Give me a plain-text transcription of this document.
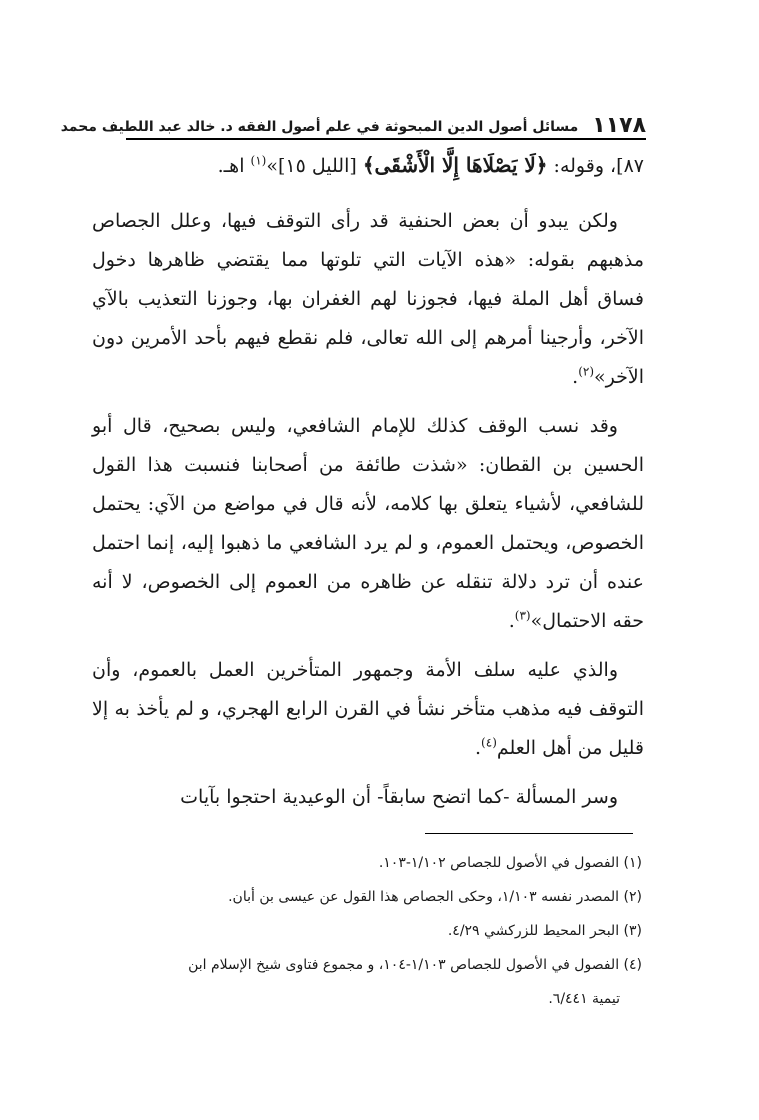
١١٧٨
مسائل أصول الدين المبحوثة في علم أصول الفقه د. خالد عبد اللطيف محمد

٨٧]، وقوله: ﴿لَا يَصْلَاهَا إِلَّا الْأَشْقَى﴾ [الليل ١٥]»$^{(١)}$ اهـ.

ولكن يبدو أن بعض الحنفية قد رأى التوقف فيها، وعلل الجصاص مذهبهم بقوله: «هذه الآيات التي تلوتها مما يقتضي ظاهرها دخول فساق أهل الملة فيها، فجوزنا لهم الغفران بها، وجوزنا التعذيب بالآي الآخر، وأرجينا أمرهم إلى الله تعالى، فلم نقطع فيهم بأحد الأمرين دون الآخر»$^{(٢)}$.

وقد نسب الوقف كذلك للإمام الشافعي، وليس بصحيح، قال أبو الحسين بن القطان: «شذت طائفة من أصحابنا فنسبت هذا القول للشافعي، لأشياء يتعلق بها كلامه، لأنه قال في مواضع من الآي: يحتمل الخصوص، ويحتمل العموم، و لم يرد الشافعي ما ذهبوا إليه، إنما احتمل عنده أن ترد دلالة تنقله عن ظاهره من العموم إلى الخصوص، لا أنه حقه الاحتمال»$^{(٣)}$.

والذي عليه سلف الأمة وجمهور المتأخرين العمل بالعموم، وأن التوقف فيه مذهب متأخر نشأ في القرن الرابع الهجري، و لم يأخذ به إلا قليل من أهل العلم$^{(٤)}$.

وسر المسألة -كما اتضح سابقاً- أن الوعيدية احتجوا بآيات

(١) الفصول في الأصول للجصاص ١/١٠٢-١٠٣.

(٢) المصدر نفسه ١/١٠٣، وحكى الجصاص هذا القول عن عيسى بن أبان.

(٣) البحر المحيط للزركشي ٤/٢٩.

(٤) الفصول في الأصول للجصاص ١/١٠٣-١٠٤، و مجموع فتاوى شيخ الإسلام ابن

تيمية ٦/٤٤١.
